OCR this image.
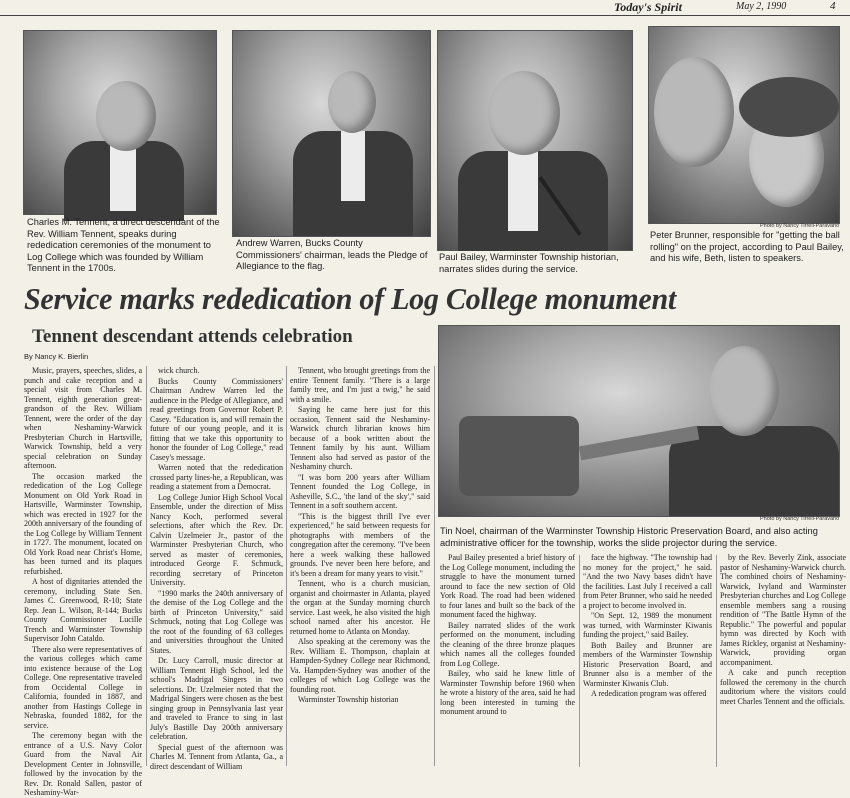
Today's Spirit	May 2, 1990	4
Charles M. Tennent, a direct descendant of the Rev. William Tennent, speaks during rededication ceremonies of the monument to Log College which was founded by William Tennent in the 1700s.
Andrew Warren, Bucks County Commissioners' chairman, leads the Pledge of Allegiance to the flag.
Paul Bailey, Warminster Township historian, narrates slides during the service.
Photo by Nancy Tirrell-Paravano
Peter Brunner, responsible for "getting the ball rolling" on the project, according to Paul Bailey, and his wife, Beth, listen to speakers.
Service marks rededication of Log College monument
Tennent descendant attends celebration
By Nancy K. Bierlin
Photo by Nancy Tirrell-Paravano
Tin Noel, chairman of the Warminster Township Historic Preservation Board, and also acting administrative officer for the township, works the slide projector during the service.

Music, prayers, speeches, slides, a punch and cake reception and a special visit from Charles M. Tennent, eighth generation great-grandson of the Rev. William Tennent, were the order of the day when Neshaminy-Warwick Presbyterian Church in Hartsville, Warwick Township, held a very special celebration on Sunday afternoon.

The occasion marked the rededication of the Log College Monument on Old York Road in Hartsville, Warminster Township, which was erected in 1927 for the 200th anniversary of the founding of the Log College by William Tennent in 1727. The monument, located on Old York Road near Christ's Home, has been turned and its plaques refurbished.

A host of dignitaries attended the ceremony, including State Sen. James C. Greenwood, R-10; State Rep. Jean L. Wilson, R-144; Bucks County Commissioner Lucille Trench and Warminster Township Supervisor John Cataldo.

There also were representatives of the various colleges which came into existence because of the Log College. One representative traveled from Occidental College in California, founded in 1887, and another from Hastings College in Nebraska, founded 1882, for the service.

The ceremony began with the entrance of a U.S. Navy Color Guard from the Naval Air Development Center in Johnsville, followed by the invocation by the Rev. Dr. Ronald Sallen, pastor of Neshaminy-War-

wick church.

Bucks County Commissioners' Chairman Andrew Warren led the audience in the Pledge of Allegiance, and read greetings from Governor Robert P. Casey. "Education is, and will remain the future of our young people, and it is fitting that we take this opportunity to honor the founder of Log College," read Casey's message.

Warren noted that the rededication crossed party lines-he, a Republican, was reading a statement from a Democrat.

Log College Junior High School Vocal Ensemble, under the direction of Miss Nancy Koch, performed several selections, after which the Rev. Dr. Calvin Uzelmeier Jr., pastor of the Warminster Presbyterian Church, who served as master of ceremonies, introduced George F. Schmuck, recording secretary of Princeton University.

"1990 marks the 240th anniversary of the demise of the Log College and the birth of Princeton University," said Schmuck, noting that Log College was the root of the founding of 63 colleges and universities throughout the United States.

Dr. Lucy Carroll, music director at William Tennent High School, led the school's Madrigal Singers in two selections. Dr. Uzelmeier noted that the Madrigal Singers were chosen as the best singing group in Pennsylvania last year and traveled to France to sing in last July's Bastille Day 200th anniversary celebration.

Special guest of the afternoon was Charles M. Tennent from Atlanta, Ga., a direct descendant of William

Tennent, who brought greetings from the entire Tennent family. "There is a large family tree, and I'm just a twig," he said with a smile.

Saying he came here just for this occasion, Tennent said the Neshaminy-Warwick church librarian knows him because of a book written about the Tennent family by his aunt. William Tennent also had served as pastor of the Neshaminy church.

"I was born 200 years after William Tennent founded the Log College, in Asheville, S.C., 'the land of the sky'," said Tennent in a soft southern accent.

"This is the biggest thrill I've ever experienced," he said between requests for photographs with members of the congregation after the ceremony. "I've been here a week walking these hallowed grounds. I've never been here before, and it's been a dream for many years to visit."

Tennent, who is a church musician, organist and choirmaster in Atlanta, played the organ at the Sunday morning church service. Last week, he also visited the high school named after his ancestor. He returned home to Atlanta on Monday.

Also speaking at the ceremony was the Rev. William E. Thompson, chaplain at Hampden-Sydney College near Richmond, Va. Hampden-Sydney was another of the colleges of which Log College was the founding root.

Warminster Township historian

Paul Bailey presented a brief history of the Log College monument, including the struggle to have the monument turned around to face the new section of Old York Road. The road had been widened to four lanes and built so the back of the monument faced the highway.

Bailey narrated slides of the work performed on the monument, including the cleaning of the three bronze plaques which names all the colleges founded from Log College.

Bailey, who said he knew little of Warminster Township before 1960 when he wrote a history of the area, said he had long been interested in turning the monument around to

face the highway. "The township had no money for the project," he said. "And the two Navy bases didn't have the facilities. Last July I received a call from Peter Brunner, who said he needed a project to become involved in.

"On Sept. 12, 1989 the monument was turned, with Warminster Kiwanis funding the project," said Bailey.

Both Bailey and Brunner are members of the Warminster Township Historic Preservation Board, and Brunner also is a member of the Warminster Kiwanis Club.

A rededication program was offered

by the Rev. Beverly Zink, associate pastor of Neshaminy-Warwick church. The combined choirs of Neshaminy-Warwick, Ivyland and Warminster Presbyterian churches and Log College ensemble members sang a rousing rendition of "The Battle Hymn of the Republic." The powerful and popular hymn was directed by Koch with James Rickley, organist at Neshaminy-Warwick, providing organ accompaniment.

A cake and punch reception followed the ceremony in the church auditorium where the visitors could meet Charles Tennent and the officials.
